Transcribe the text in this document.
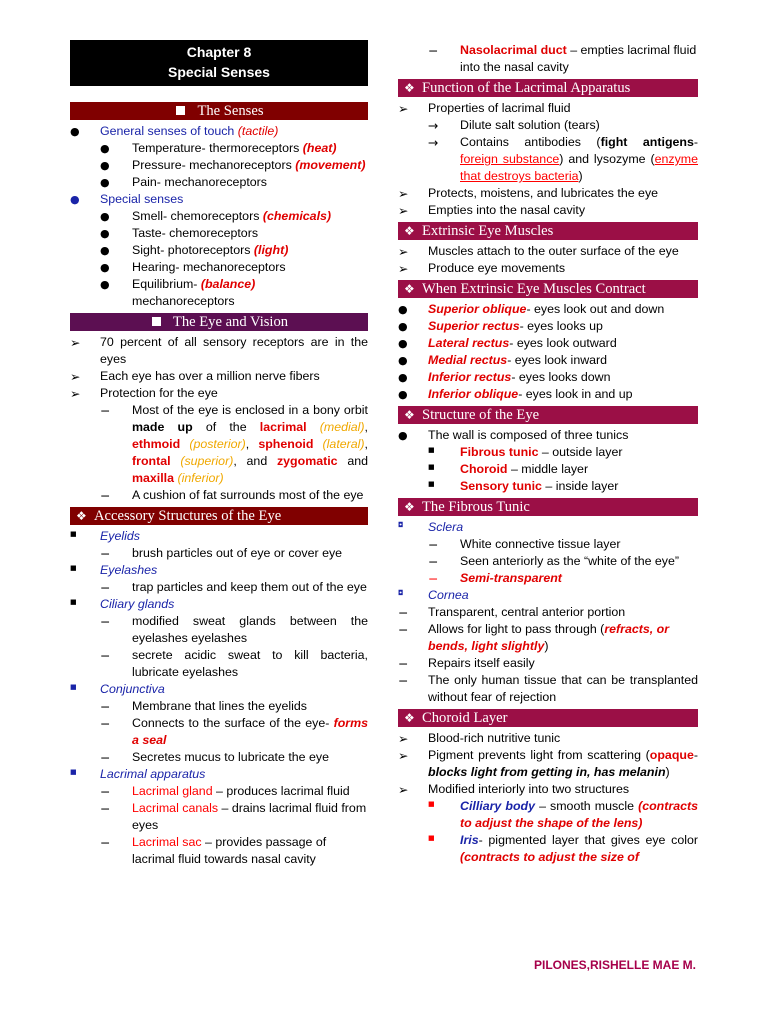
Chapter 8
Special Senses
The Senses
●	General senses of touch (tactile)
●	Temperature- thermoreceptors (heat)
●	Pressure- mechanoreceptors (movement)
●	Pain- mechanoreceptors
●	Special senses
●	Smell- chemoreceptors (chemicals)
●	Taste- chemoreceptors
●	Sight- photoreceptors (light)
●	Hearing- mechanoreceptors
●	Equilibrium- (balance)
mechanoreceptors
The Eye and Vision
➢	70 percent of all sensory receptors are in the eyes
➢	Each eye has over a million nerve fibers
➢	Protection for the eye
−	Most of the eye is enclosed in a bony orbit made up of the lacrimal (medial), ethmoid (posterior), sphenoid (lateral), frontal (superior), and zygomatic and maxilla (inferior)
−	A cushion of fat surrounds most of the eye
❖ Accessory Structures of the Eye
■	Eyelids
−	brush particles out of eye or cover eye
■	Eyelashes
−	trap particles and keep them out of the eye
■	Ciliary glands
−	modified sweat glands between the eyelashes eyelashes
−	secrete acidic sweat to kill bacteria, lubricate eyelashes
■	Conjunctiva
−	Membrane that lines the eyelids
−	Connects to the surface of the eye- forms a seal
−	Secretes mucus to lubricate the eye
■	Lacrimal apparatus
−	Lacrimal gland – produces lacrimal fluid
−	Lacrimal canals – drains lacrimal fluid from eyes
−	Lacrimal sac – provides passage of lacrimal fluid towards nasal cavity
−	Nasolacrimal duct – empties lacrimal fluid into the nasal cavity
❖ Function of the Lacrimal Apparatus
➢	Properties of lacrimal fluid
→	Dilute salt solution (tears)
→	Contains antibodies (fight antigens- foreign substance) and lysozyme (enzyme that destroys bacteria)
➢	Protects, moistens, and lubricates the eye
➢	Empties into the nasal cavity
❖ Extrinsic Eye Muscles
➢	Muscles attach to the outer surface of the eye
➢	Produce eye movements
❖ When Extrinsic Eye Muscles Contract
●	Superior oblique- eyes look out and down
●	Superior rectus- eyes looks up
●	Lateral rectus- eyes look outward
●	Medial rectus- eyes look inward
●	Inferior rectus- eyes looks down
●	Inferior oblique- eyes look in and up
❖ Structure of the Eye
●	The wall is composed of three tunics
■	Fibrous tunic – outside layer
■	Choroid – middle layer
■	Sensory tunic – inside layer
❖ The Fibrous Tunic
◘	Sclera
−	White connective tissue layer
−	Seen anteriorly as the “white of the eye”
−	Semi-transparent
◘	Cornea
−	Transparent, central anterior portion
−	Allows for light to pass through (refracts, or bends, light slightly)
−	Repairs itself easily
−	The only human tissue that can be transplanted without fear of rejection
❖ Choroid Layer
➢	Blood-rich nutritive tunic
➢	Pigment prevents light from scattering (opaque- blocks light from getting in, has melanin)
➢	Modified interiorly into two structures
■	Cilliary body – smooth muscle (contracts to adjust the shape of the lens)
■	Iris- pigmented layer that gives eye color (contracts to adjust the size of
PILONES,RISHELLE MAE M.
